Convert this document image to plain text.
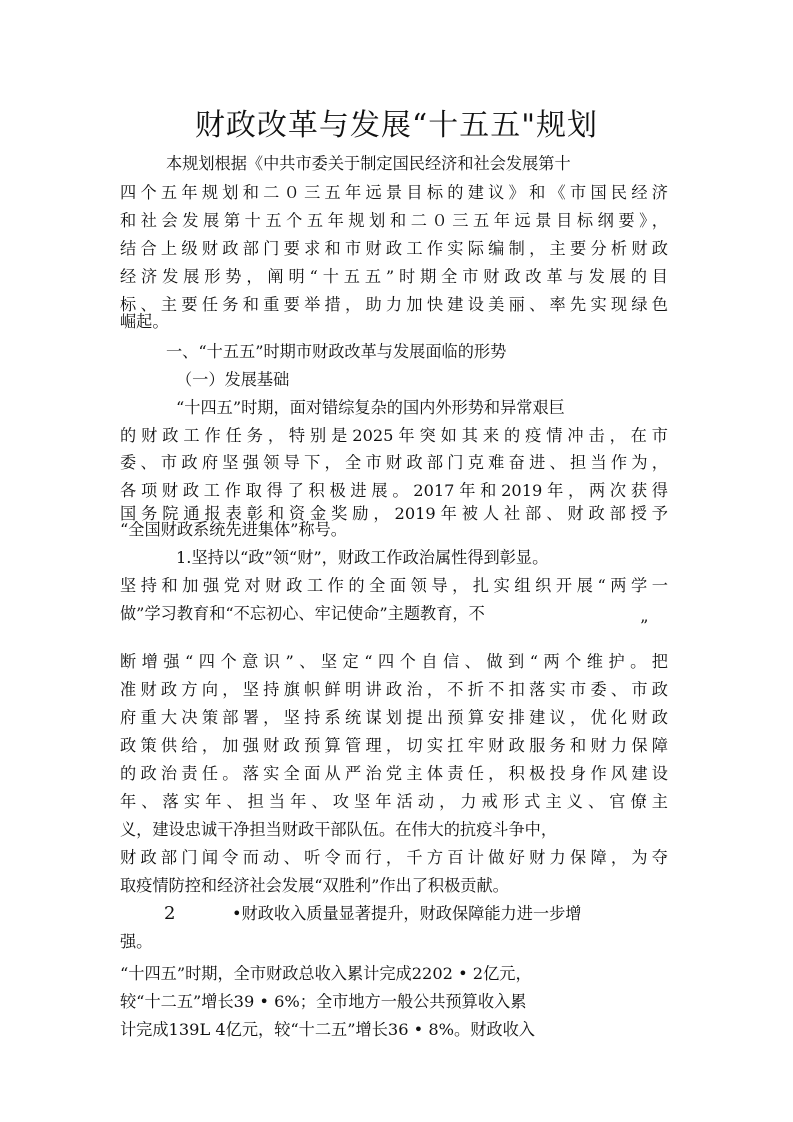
财政改革与发展“十五五"规划
本规划根据《中共市委关于制定国民经济和社会发展第十
四个五年规划和二０三五年远景目标的建议》和《市国民经济
和社会发展第十五个五年规划和二０三五年远景目标纲要》，
结合上级财政部门要求和市财政工作实际编制，主要分析财政
经济发展形势，阐明“十五五”时期全市财政改革与发展的目
标、主要任务和重要举措，助力加快建设美丽、率先实现绿色
崛起。
一、“十五五”时期市财政改革与发展面临的形势
（一）发展基础
“十四五”时期，面对错综复杂的国内外形势和异常艰巨
的财政工作任务，特别是2025年突如其来的疫情冲击，在市
委、市政府坚强领导下，全市财政部门克难奋进、担当作为，
各项财政工作取得了积极进展。2017年和2019年，两次获得
国务院通报表彰和资金奖励，2019年被人社部、财政部授予
“全国财政系统先进集体”称号。
1.坚持以“政”领“财”，财政工作政治属性得到彰显。
坚持和加强党对财政工作的全面领导，扎实组织开展“两学一
做”学习教育和“不忘初心、牢记使命”主题教育，不
”
断增强“四个意识”、坚定“四个自信、做到“两个维护。把
准财政方向，坚持旗帜鲜明讲政治，不折不扣落实市委、市政
府重大决策部署，坚持系统谋划提出预算安排建议，优化财政
政策供给，加强财政预算管理，切实扛牢财政服务和财力保障
的政治责任。落实全面从严治党主体责任，积极投身作风建设
年、落实年、担当年、攻坚年活动，力戒形式主义、官僚主
义，建设忠诚干净担当财政干部队伍。在伟大的抗疫斗争中，
财政部门闻令而动、听令而行，千方百计做好财力保障，为夺
取疫情防控和经济社会发展“双胜利”作出了积极贡献。
2	•财政收入质量显著提升，财政保障能力进一步增
强。
“十四五”时期，全市财政总收入累计完成2202 • 2亿元，
较“十二五”增长39 • 6%；全市地方一般公共预算收入累
计完成139L 4亿元，较“十二五”增长36 • 8%。财政收入
